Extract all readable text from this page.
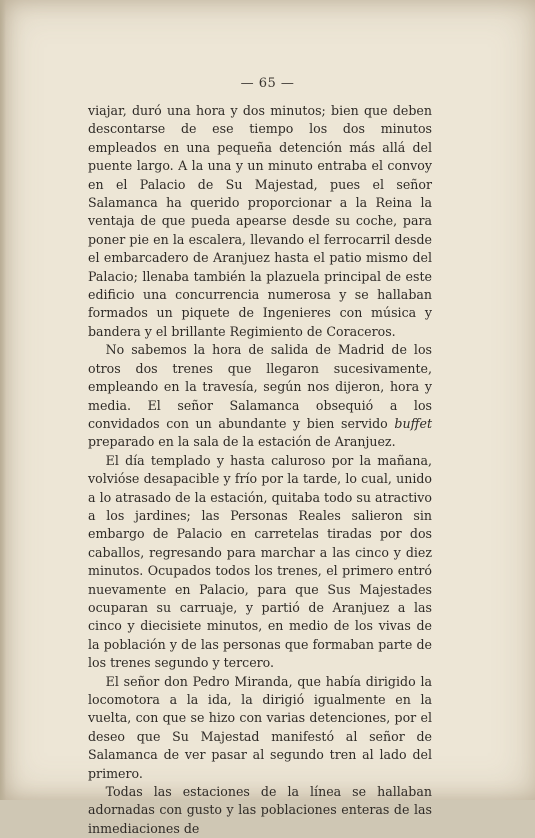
— 65 —

viajar, duró una hora y dos minutos; bien que deben descontarse de ese tiempo los dos minutos empleados en una pequeña detención más allá del puente largo. A la una y un minuto entraba el convoy en el Palacio de Su Majestad, pues el señor Salamanca ha querido proporcionar a la Reina la ventaja de que pueda apearse desde su coche, para poner pie en la escalera, llevando el ferrocarril desde el embarcadero de Aranjuez hasta el patio mismo del Palacio; llenaba también la plazuela principal de este edificio una concurrencia numerosa y se hallaban formados un piquete de Ingenieres con música y bandera y el brillante Regimiento de Coraceros.

No sabemos la hora de salida de Madrid de los otros dos trenes que llegaron sucesivamente, empleando en la travesía, según nos dijeron, hora y media. El señor Salamanca obsequió a los convidados con un abundante y bien servido buffet preparado en la sala de la estación de Aranjuez.

El día templado y hasta caluroso por la mañana, volvióse desapacible y frío por la tarde, lo cual, unido a lo atrasado de la estación, quitaba todo su atractivo a los jardines; las Personas Reales salieron sin embargo de Palacio en carretelas tiradas por dos caballos, regresando para marchar a las cinco y diez minutos. Ocupados todos los trenes, el primero entró nuevamente en Palacio, para que Sus Majestades ocuparan su carruaje, y partió de Aranjuez a las cinco y diecisiete minutos, en medio de los vivas de la población y de las personas que formaban parte de los trenes segundo y tercero.

El señor don Pedro Miranda, que había dirigido la locomotora a la ida, la dirigió igualmente en la vuelta, con que se hizo con varias detenciones, por el deseo que Su Majestad manifestó al señor de Salamanca de ver pasar al segundo tren al lado del primero.

Todas las estaciones de la línea se hallaban adornadas con gusto y las poblaciones enteras de las inmediaciones de
